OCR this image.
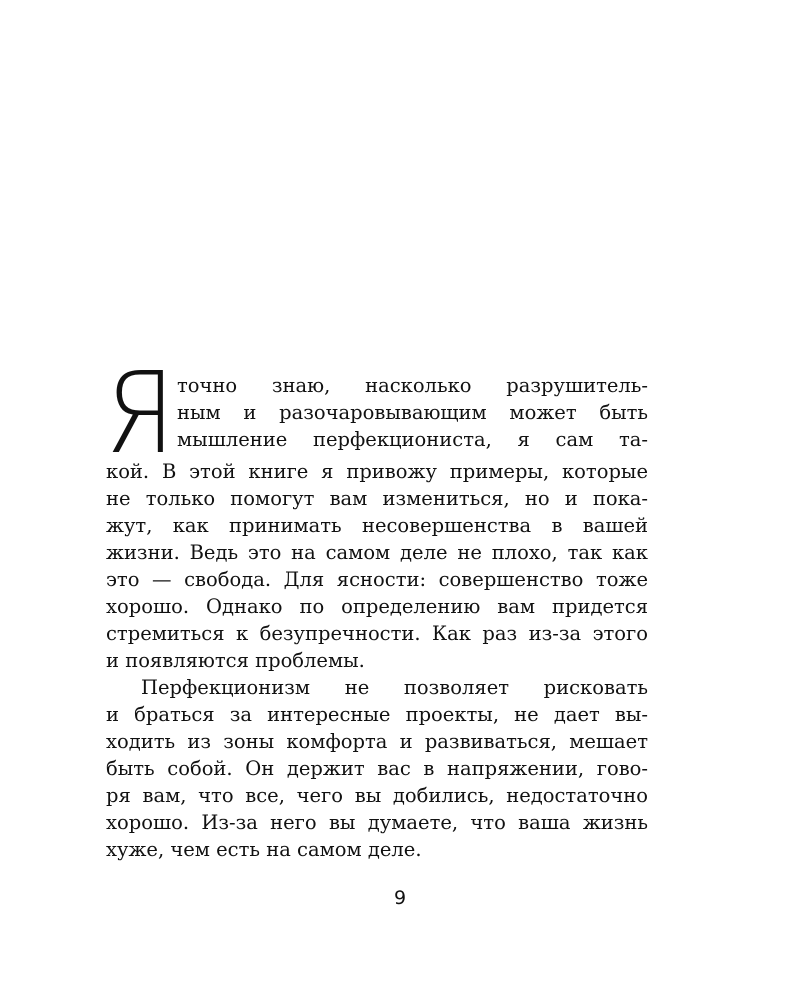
Я точно знаю, насколько разрушитель-
ным и разочаровывающим может быть
мышление перфекциониста, я сам та-
кой. В этой книге я привожу примеры, которые
не только помогут вам измениться, но и пока-
жут, как принимать несовершенства в вашей
жизни. Ведь это на самом деле не плохо, так как
это — свобода. Для ясности: совершенство тоже
хорошо. Однако по определению вам придется
стремиться к безупречности. Как раз из-за этого
и появляются проблемы.
Перфекционизм не позволяет рисковать
и браться за интересные проекты, не дает вы-
ходить из зоны комфорта и развиваться, мешает
быть собой. Он держит вас в напряжении, гово-
ря вам, что все, чего вы добились, недостаточно
хорошо. Из-за него вы думаете, что ваша жизнь
хуже, чем есть на самом деле.
9
